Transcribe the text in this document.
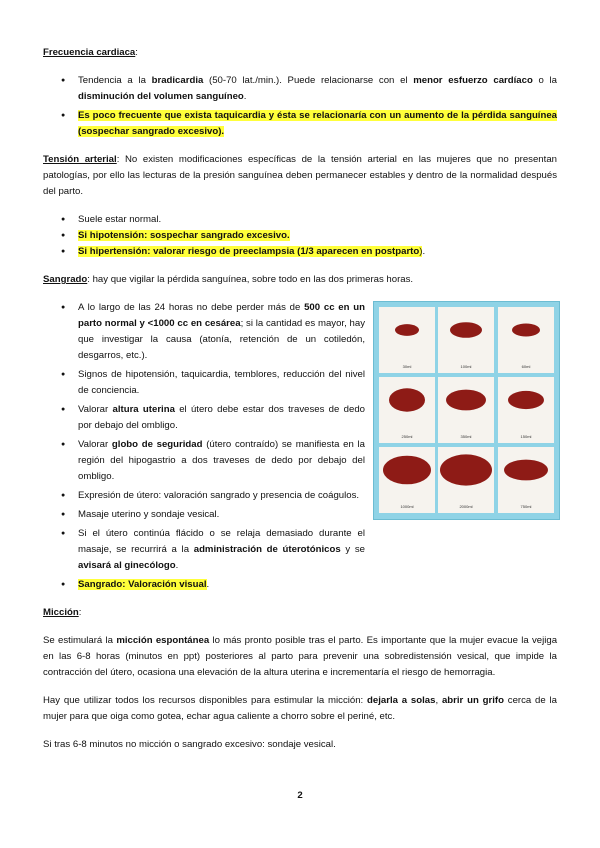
Frecuencia cardiaca:

● Tendencia a la bradicardia (50-70 lat./min.). Puede relacionarse con el menor esfuerzo cardíaco o la disminución del volumen sanguíneo.
● Es poco frecuente que exista taquicardia y ésta se relacionaría con un aumento de la pérdida sanguínea (sospechar sangrado excesivo).

Tensión arterial: No existen modificaciones específicas de la tensión arterial en las mujeres que no presentan patologías, por ello las lecturas de la presión sanguínea deben permanecer estables y dentro de la normalidad después del parto.

● Suele estar normal.
● Si hipotensión: sospechar sangrado excesivo.
● Si hipertensión: valorar riesgo de preeclampsia (1/3 aparecen en postparto).

Sangrado: hay que vigilar la pérdida sanguínea, sobre todo en las dos primeras horas.

● A lo largo de las 24 horas no debe perder más de 500 cc en un parto normal y <1000 cc en cesárea; si la cantidad es mayor, hay que investigar la causa (atonía, retención de un cotiledón, desgarros, etc.).
● Signos de hipotensión, taquicardia, temblores, reducción del nivel de conciencia.
● Valorar altura uterina el útero debe estar dos traveses de dedo por debajo del ombligo.
● Valorar globo de seguridad (útero contraído) se manifiesta en la región del hipogastrio a dos traveses de dedo por debajo del ombligo.
● Expresión de útero: valoración sangrado y presencia de coágulos.
● Masaje uterino y sondaje vesical.
● Si el útero continúa flácido o se relaja demasiado durante el masaje, se recurrirá a la administración de úterotónicos y se avisará al ginecólogo.
● Sangrado: Valoración visual.

Micción:

Se estimulará la micción espontánea lo más pronto posible tras el parto. Es importante que la mujer evacue la vejiga en las 6-8 horas (minutos en ppt) posteriores al parto para prevenir una sobredistensión vesical, que impide la contracción del útero, ocasiona una elevación de la altura uterina e incrementaría el riesgo de hemorragia.

Hay que utilizar todos los recursos disponibles para estimular la micción: dejarla a solas, abrir un grifo cerca de la mujer para que oiga como gotea, echar agua caliente a chorro sobre el periné, etc.

Si tras 6-8 minutos no micción o sangrado excesivo: sondaje vesical.

30ml	100ml	60ml
250ml	350ml	150ml
1000ml	2000ml	750ml
2
